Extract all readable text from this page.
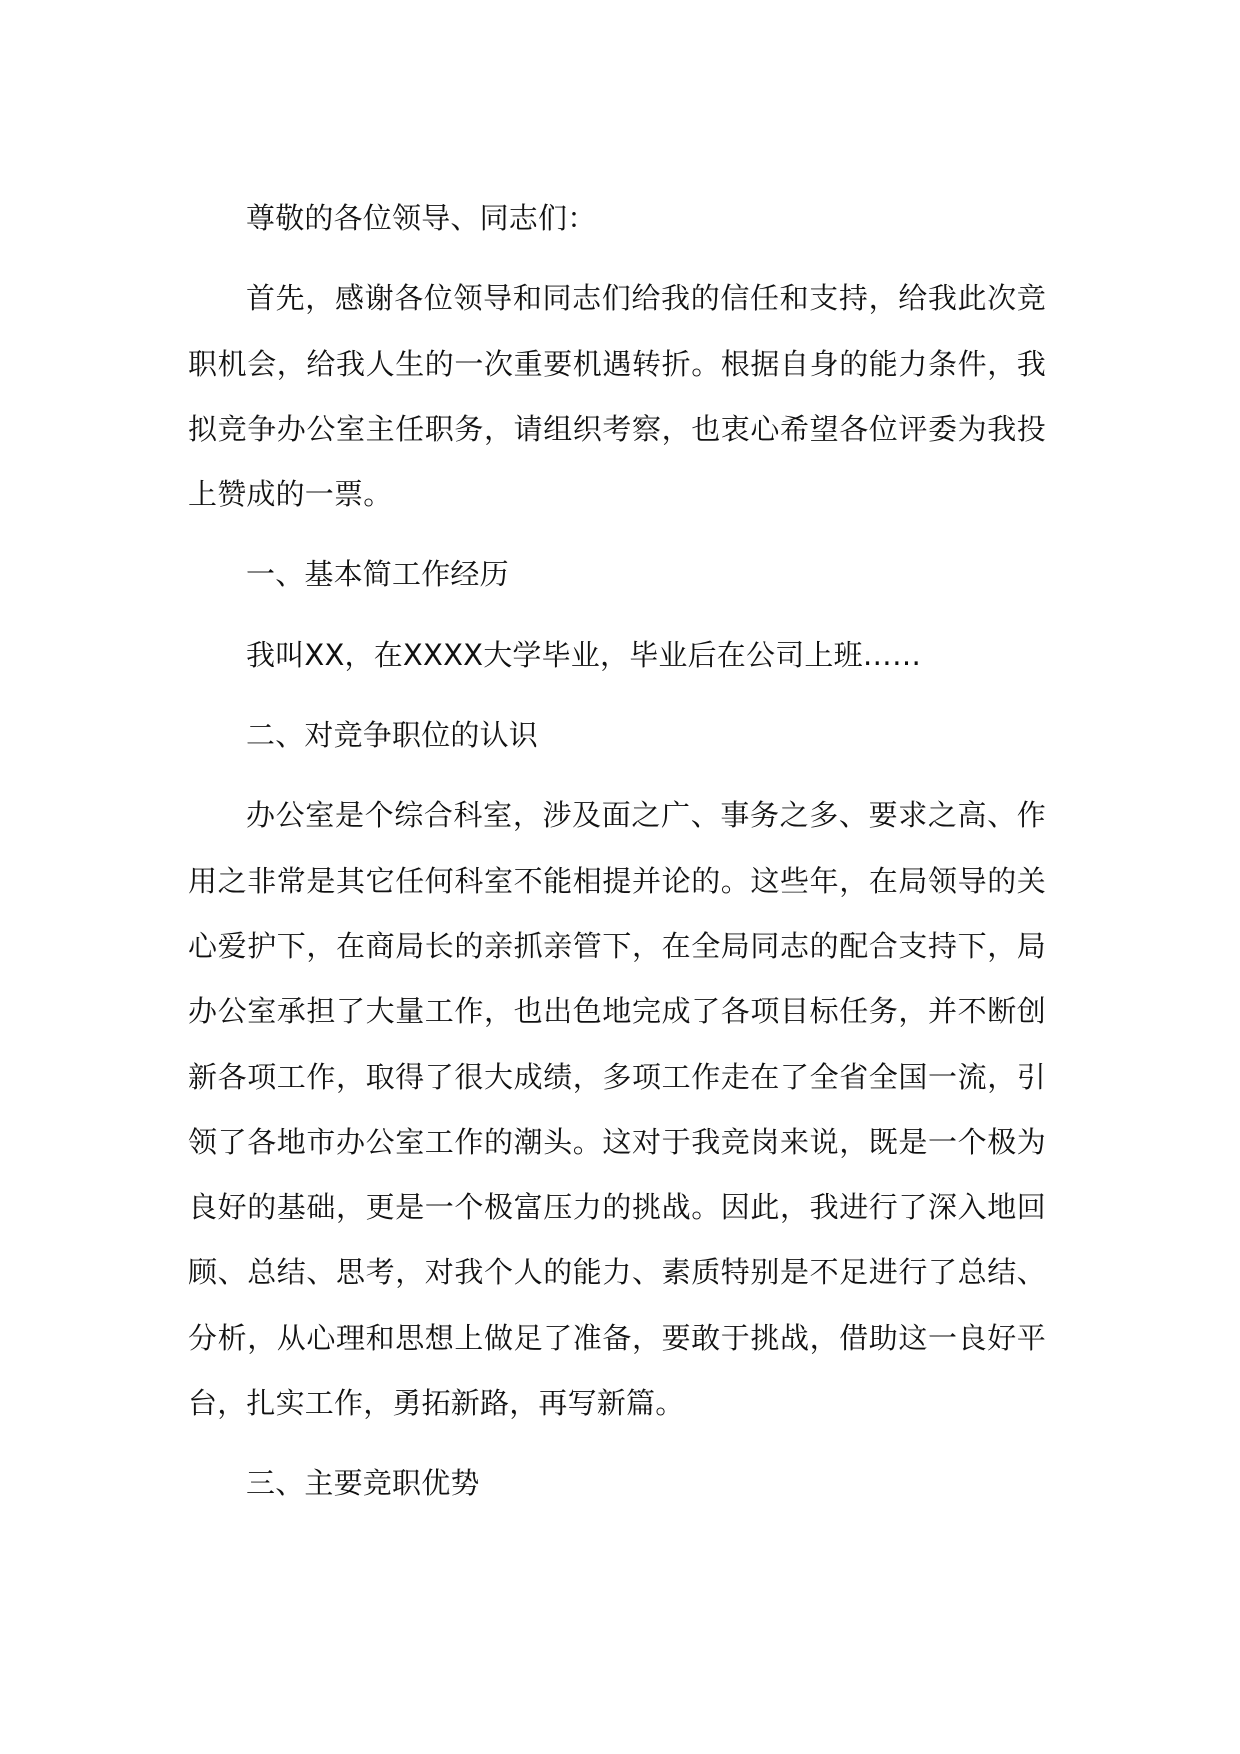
尊敬的各位领导、同志们：

首先，感谢各位领导和同志们给我的信任和支持，给我此次竞职机会，给我人生的一次重要机遇转折。根据自身的能力条件，我拟竞争办公室主任职务，请组织考察，也衷心希望各位评委为我投上赞成的一票。

一、基本简工作经历

我叫XX，在XXXX大学毕业，毕业后在公司上班……

二、对竞争职位的认识

办公室是个综合科室，涉及面之广、事务之多、要求之高、作用之非常是其它任何科室不能相提并论的。这些年，在局领导的关心爱护下，在商局长的亲抓亲管下，在全局同志的配合支持下，局办公室承担了大量工作，也出色地完成了各项目标任务，并不断创新各项工作，取得了很大成绩，多项工作走在了全省全国一流，引领了各地市办公室工作的潮头。这对于我竞岗来说，既是一个极为良好的基础，更是一个极富压力的挑战。因此，我进行了深入地回顾、总结、思考，对我个人的能力、素质特别是不足进行了总结、分析，从心理和思想上做足了准备，要敢于挑战，借助这一良好平台，扎实工作，勇拓新路，再写新篇。

三、主要竞职优势
